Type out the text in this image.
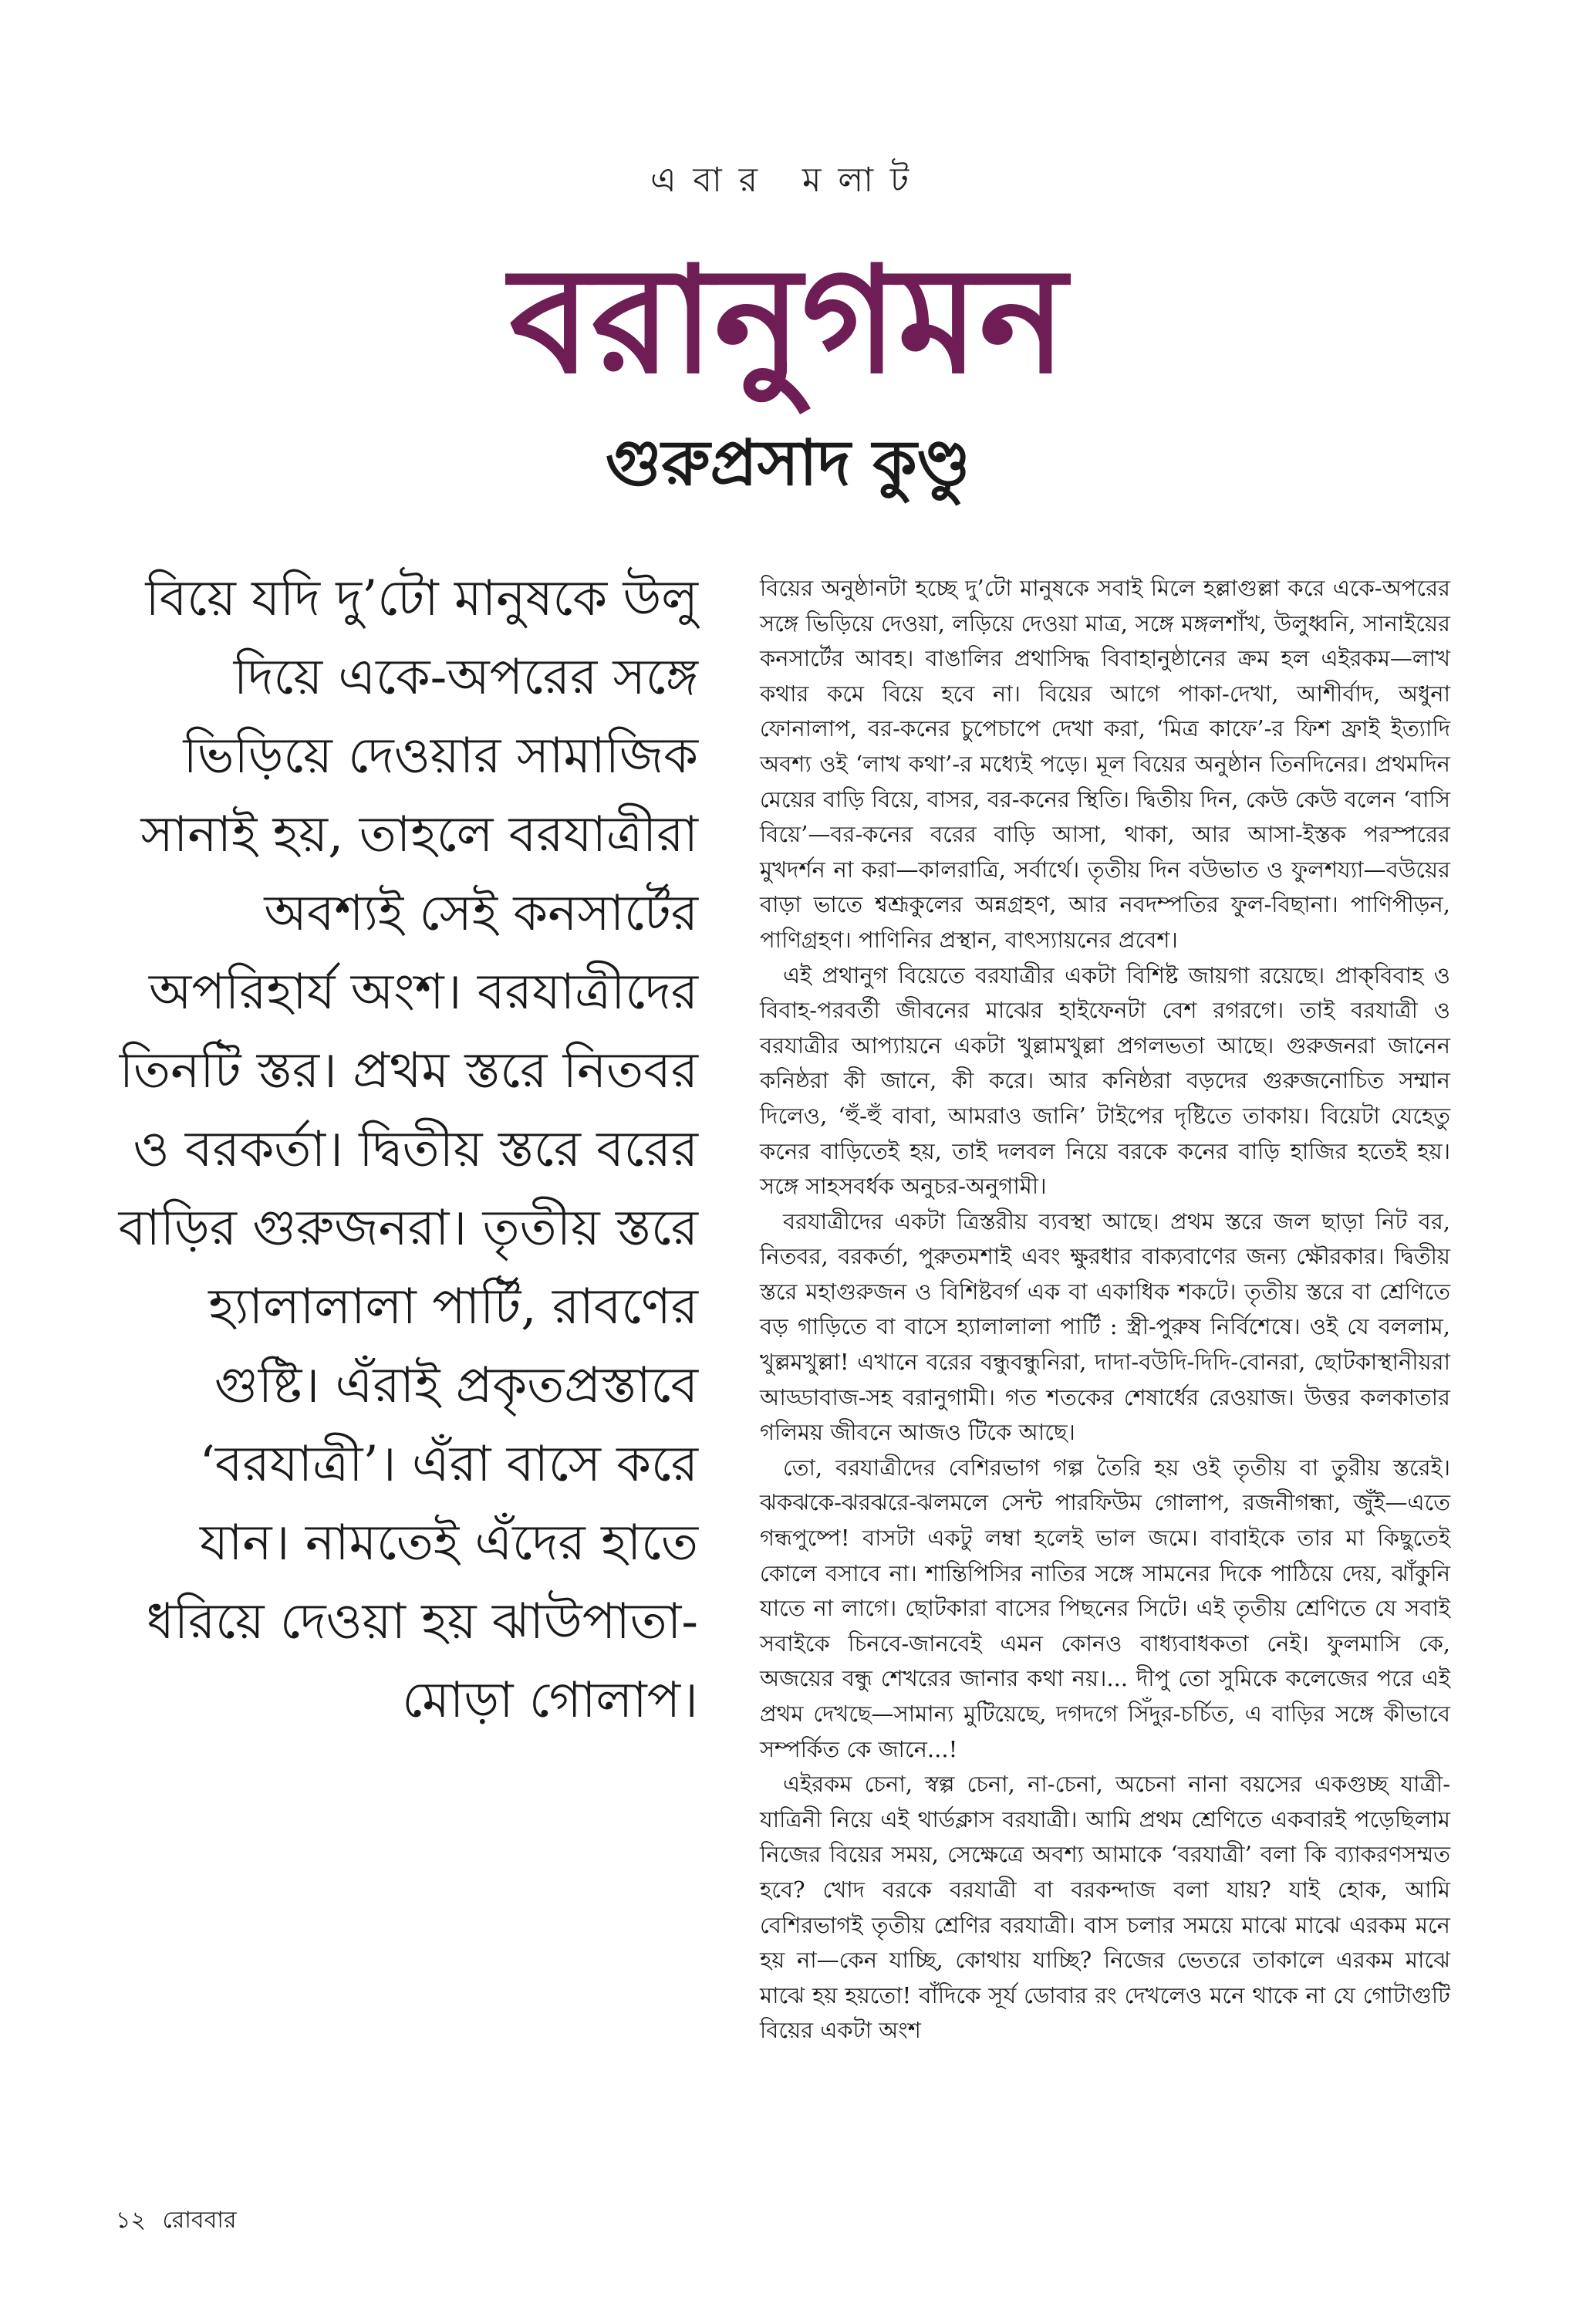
এবার মলাট
বরানুগমন
গুরুপ্রসাদ কুণ্ডু

বিয়ে যদি দু’টো মানুষকে উলু দিয়ে একে-অপরের সঙ্গে ভিড়িয়ে দেওয়ার সামাজিক সানাই হয়, তাহলে বরযাত্রীরা অবশ্যই সেই কনসার্টের অপরিহার্য অংশ। বরযাত্রীদের তিনটি স্তর। প্রথম স্তরে নিতবর ও বরকর্তা। দ্বিতীয় স্তরে বরের বাড়ির গুরুজনরা। তৃতীয় স্তরে হ্যালালালা পার্টি, রাবণের গুষ্টি। এঁরাই প্রকৃতপ্রস্তাবে ‘বরযাত্রী’। এঁরা বাসে করে যান। নামতেই এঁদের হাতে ধরিয়ে দেওয়া হয় ঝাউপাতা-মোড়া গোলাপ।

বিয়ের অনুষ্ঠানটা হচ্ছে দু’টো মানুষকে সবাই মিলে হল্লাগুল্লা করে একে-অপরের সঙ্গে ভিড়িয়ে দেওয়া, লড়িয়ে দেওয়া মাত্র, সঙ্গে মঙ্গলশাঁখ, উলুধ্বনি, সানাইয়ের কনসার্টের আবহ। বাঙালির প্রথাসিদ্ধ বিবাহানুষ্ঠানের ক্রম হল এইরকম—লাখ কথার কমে বিয়ে হবে না। বিয়ের আগে পাকা-দেখা, আশীর্বাদ, অধুনা ফোনালাপ, বর-কনের চুপেচাপে দেখা করা, ‘মিত্র কাফে’-র ফিশ ফ্রাই ইত্যাদি অবশ্য ওই ‘লাখ কথা’-র মধ্যেই পড়ে। মূল বিয়ের অনুষ্ঠান তিনদিনের। প্রথমদিন মেয়ের বাড়ি বিয়ে, বাসর, বর-কনের স্থিতি। দ্বিতীয় দিন, কেউ কেউ বলেন ‘বাসি বিয়ে’—বর-কনের বরের বাড়ি আসা, থাকা, আর আসা-ইস্তক পরস্পরের মুখদর্শন না করা—কালরাত্রি, সর্বার্থে। তৃতীয় দিন বউভাত ও ফুলশয্যা—বউয়ের বাড়া ভাতে শ্বশ্রূকুলের অন্নগ্রহণ, আর নবদম্পতির ফুল-বিছানা। পাণিপীড়ন, পাণিগ্রহণ। পাণিনির প্রস্থান, বাৎস্যায়নের প্রবেশ।

এই প্রথানুগ বিয়েতে বরযাত্রীর একটা বিশিষ্ট জায়গা রয়েছে। প্রাক্‌বিবাহ ও বিবাহ-পরবর্তী জীবনের মাঝের হাইফেনটা বেশ রগরগে। তাই বরযাত্রী ও বরযাত্রীর আপ্যায়নে একটা খুল্লামখুল্লা প্রগলভতা আছে। গুরুজনরা জানেন কনিষ্ঠরা কী জানে, কী করে। আর কনিষ্ঠরা বড়দের গুরুজনোচিত সম্মান দিলেও, ‘হুঁ-হুঁ বাবা, আমরাও জানি’ টাইপের দৃষ্টিতে তাকায়। বিয়েটা যেহেতু কনের বাড়িতেই হয়, তাই দলবল নিয়ে বরকে কনের বাড়ি হাজির হতেই হয়। সঙ্গে সাহসবর্ধক অনুচর-অনুগামী।

বরযাত্রীদের একটা ত্রিস্তরীয় ব্যবস্থা আছে। প্রথম স্তরে জল ছাড়া নিট বর, নিতবর, বরকর্তা, পুরুতমশাই এবং ক্ষুরধার বাক্যবাণের জন্য ক্ষৌরকার। দ্বিতীয় স্তরে মহাগুরুজন ও বিশিষ্টবর্গ এক বা একাধিক শকটে। তৃতীয় স্তরে বা শ্রেণিতে বড় গাড়িতে বা বাসে হ্যালালালা পার্টি : স্ত্রী-পুরুষ নির্বিশেষে। ওই যে বললাম, খুল্লমখুল্লা! এখানে বরের বন্ধুবন্ধুনিরা, দাদা-বউদি-দিদি-বোনরা, ছোটকাস্থানীয়রা আড্ডাবাজ-সহ বরানুগামী। গত শতকের শেষার্ধের রেওয়াজ। উত্তর কলকাতার গলিময় জীবনে আজও টিকে আছে।

তো, বরযাত্রীদের বেশিরভাগ গল্প তৈরি হয় ওই তৃতীয় বা তুরীয় স্তরেই। ঝকঝকে-ঝরঝরে-ঝলমলে সেন্ট পারফিউম গোলাপ, রজনীগন্ধা, জুঁই—এতে গন্ধপুষ্পে! বাসটা একটু লম্বা হলেই ভাল জমে। বাবাইকে তার মা কিছুতেই কোলে বসাবে না। শান্তিপিসির নাতির সঙ্গে সামনের দিকে পাঠিয়ে দেয়, ঝাঁকুনি যাতে না লাগে। ছোটকারা বাসের পিছনের সিটে। এই তৃতীয় শ্রেণিতে যে সবাই সবাইকে চিনবে-জানবেই এমন কোনও বাধ্যবাধকতা নেই। ফুলমাসি কে, অজয়ের বন্ধু শেখরের জানার কথা নয়।... দীপু তো সুমিকে কলেজের পরে এই প্রথম দেখছে—সামান্য মুটিয়েছে, দগদগে সিঁদুর-চর্চিত, এ বাড়ির সঙ্গে কীভাবে সম্পর্কিত কে জানে...!

এইরকম চেনা, স্বল্প চেনা, না-চেনা, অচেনা নানা বয়সের একগুচ্ছ যাত্রী-যাত্রিনী নিয়ে এই থার্ডক্লাস বরযাত্রী। আমি প্রথম শ্রেণিতে একবারই পড়েছিলাম নিজের বিয়ের সময়, সেক্ষেত্রে অবশ্য আমাকে ‘বরযাত্রী’ বলা কি ব্যাকরণসম্মত হবে? খোদ বরকে বরযাত্রী বা বরকন্দাজ বলা যায়? যাই হোক, আমি বেশিরভাগই তৃতীয় শ্রেণির বরযাত্রী। বাস চলার সময়ে মাঝে মাঝে এরকম মনে হয় না—কেন যাচ্ছি, কোথায় যাচ্ছি? নিজের ভেতরে তাকালে এরকম মাঝে মাঝে হয় হয়তো! বাঁদিকে সূর্য ডোবার রং দেখলেও মনে থাকে না যে গোটাগুটি বিয়ের একটা অংশ

১২ রোববার
